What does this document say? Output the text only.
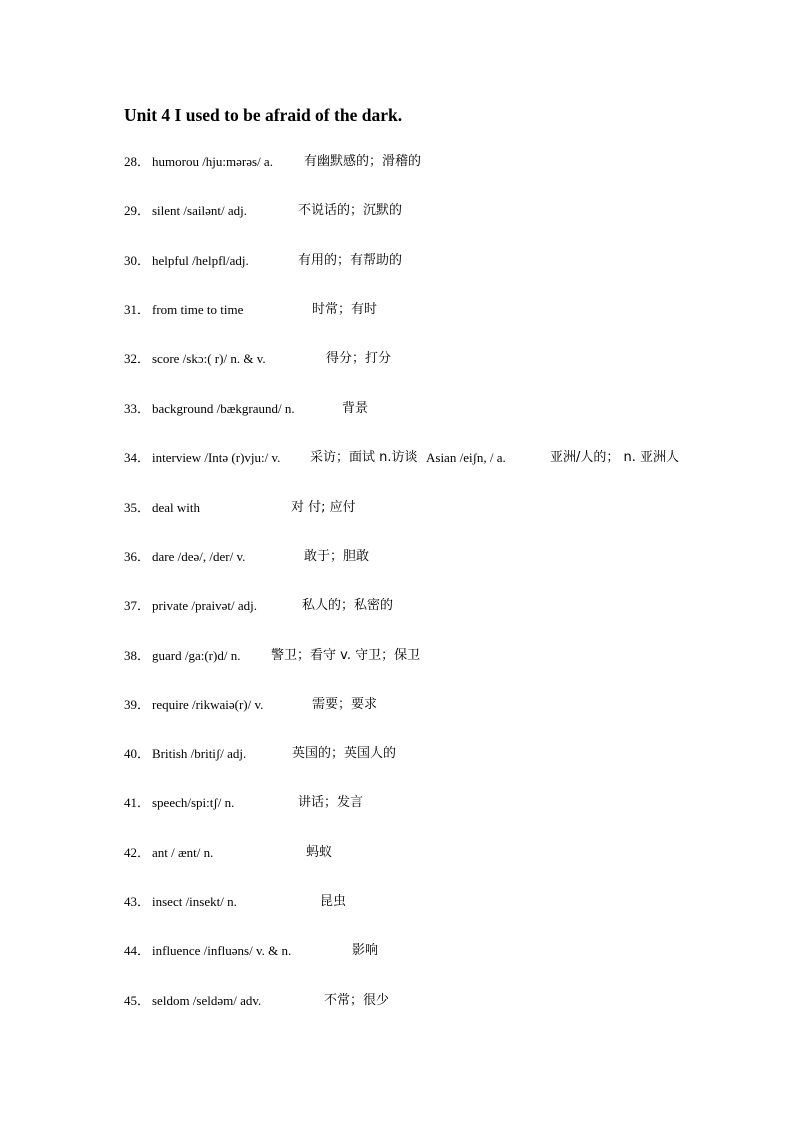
Unit 4 I used to be afraid of the dark.
28． humorou /hju:mərəs/ a. 有幽默感的；滑稽的
29． silent /sailənt/ adj.	不说话的；沉默的
30． helpful /helpfl/adj.	有用的；有帮助的
31． from time to time	时常；有时
32． score /skɔ:( r)/ n. & v.	得分；打分
33． background /bækgraund/ n.	背景
34． interview /Intə (r)vju:/ v. 采访；面试 n.访谈 Asian /eiʃn, / a.	亚洲/人的； n. 亚洲人
35． deal with	对 付; 应付
36． dare /deə/, /der/ v.	敢于；胆敢
37． private /praivət/ adj.	私人的；私密的
38． guard /ga:(r)d/ n. 警卫；看守 v. 守卫；保卫
39． require /rikwaiə(r)/ v.	需要；要求
40． British /britiʃ/ adj.	英国的；英国人的
41． speech/spi:tʃ/ n.	讲话；发言
42． ant / ænt/ n.	蚂蚁
43． insect /insekt/ n.	昆虫
44． influence /influəns/ v. & n.	影响
45． seldom /seldəm/ adv.	不常；很少
